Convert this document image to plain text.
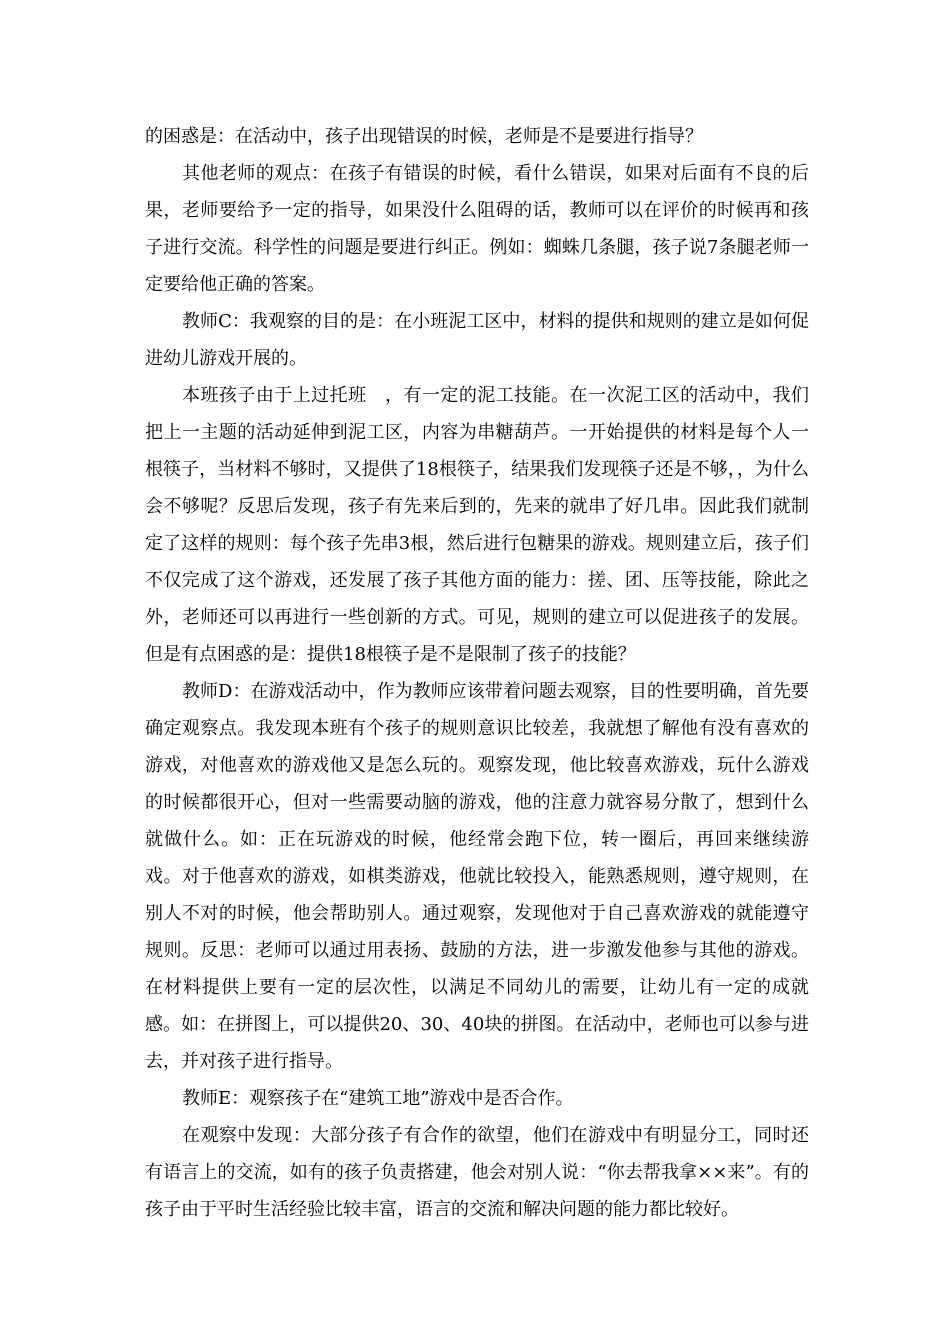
的困惑是：在活动中，孩子出现错误的时候，老师是不是要进行指导？

其他老师的观点：在孩子有错误的时候，看什么错误，如果对后面有不良的后果，老师要给予一定的指导，如果没什么阻碍的话，教师可以在评价的时候再和孩子进行交流。科学性的问题是要进行纠正。例如：蜘蛛几条腿，孩子说7条腿老师一定要给他正确的答案。

教师C：我观察的目的是：在小班泥工区中，材料的提供和规则的建立是如何促进幼儿游戏开展的。

本班孩子由于上过托班　，有一定的泥工技能。在一次泥工区的活动中，我们把上一主题的活动延伸到泥工区，内容为串糖葫芦。一开始提供的材料是每个人一根筷子，当材料不够时，又提供了18根筷子，结果我们发现筷子还是不够，，为什么会不够呢？反思后发现，孩子有先来后到的，先来的就串了好几串。因此我们就制定了这样的规则：每个孩子先串3根，然后进行包糖果的游戏。规则建立后，孩子们不仅完成了这个游戏，还发展了孩子其他方面的能力：搓、团、压等技能，除此之外，老师还可以再进行一些创新的方式。可见，规则的建立可以促进孩子的发展。但是有点困惑的是：提供18根筷子是不是限制了孩子的技能？

教师D：在游戏活动中，作为教师应该带着问题去观察，目的性要明确，首先要确定观察点。我发现本班有个孩子的规则意识比较差，我就想了解他有没有喜欢的游戏，对他喜欢的游戏他又是怎么玩的。观察发现，他比较喜欢游戏，玩什么游戏的时候都很开心，但对一些需要动脑的游戏，他的注意力就容易分散了，想到什么就做什么。如：正在玩游戏的时候，他经常会跑下位，转一圈后，再回来继续游戏。对于他喜欢的游戏，如棋类游戏，他就比较投入，能熟悉规则，遵守规则，在别人不对的时候，他会帮助别人。通过观察，发现他对于自己喜欢游戏的就能遵守规则。反思：老师可以通过用表扬、鼓励的方法，进一步激发他参与其他的游戏。在材料提供上要有一定的层次性，以满足不同幼儿的需要，让幼儿有一定的成就感。如：在拼图上，可以提供20、30、40块的拼图。在活动中，老师也可以参与进去，并对孩子进行指导。

教师E：观察孩子在“建筑工地”游戏中是否合作。

在观察中发现：大部分孩子有合作的欲望，他们在游戏中有明显分工，同时还有语言上的交流，如有的孩子负责搭建，他会对别人说：“你去帮我拿××来”。有的孩子由于平时生活经验比较丰富，语言的交流和解决问题的能力都比较好。
